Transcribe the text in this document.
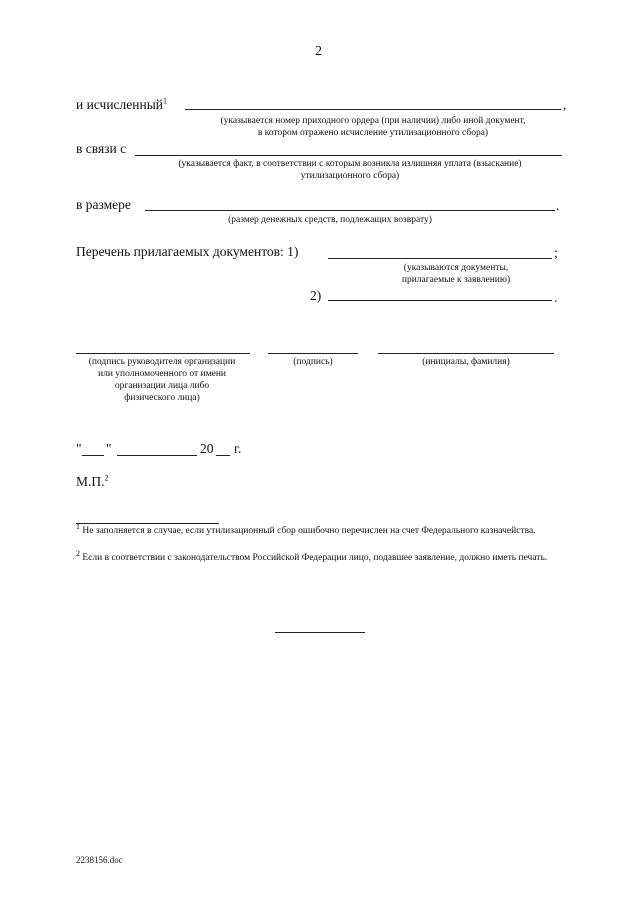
2
и исчисленный$^1$	,
(указывается номер приходного ордера (при наличии) либо иной документ,
в котором отражено исчисление утилизационного сбора)
в связи с
(указывается факт, в соответствии с которым возникла излишняя уплата (взыскание)
утилизационного сбора)
в размере	.
(размер денежных средств, подлежащих возврату)
Перечень прилагаемых документов: 1)	;
(указываются документы,
прилагаемые к заявлению)
2)	.
(подпись руководителя организации
или уполномоченного от имени
организации лица либо
физического лица)
(подпись)	(инициалы, фамилия)
" "	20 г.
М.П.$^2$
$^1$ Не заполняется в случае, если утилизационный сбор ошибочно перечислен на счет Федерального казначейства.
$^2$ Если в соответствии с законодательством Российской Федерации лицо, подавшее заявление, должно иметь печать.
2238156.doc
